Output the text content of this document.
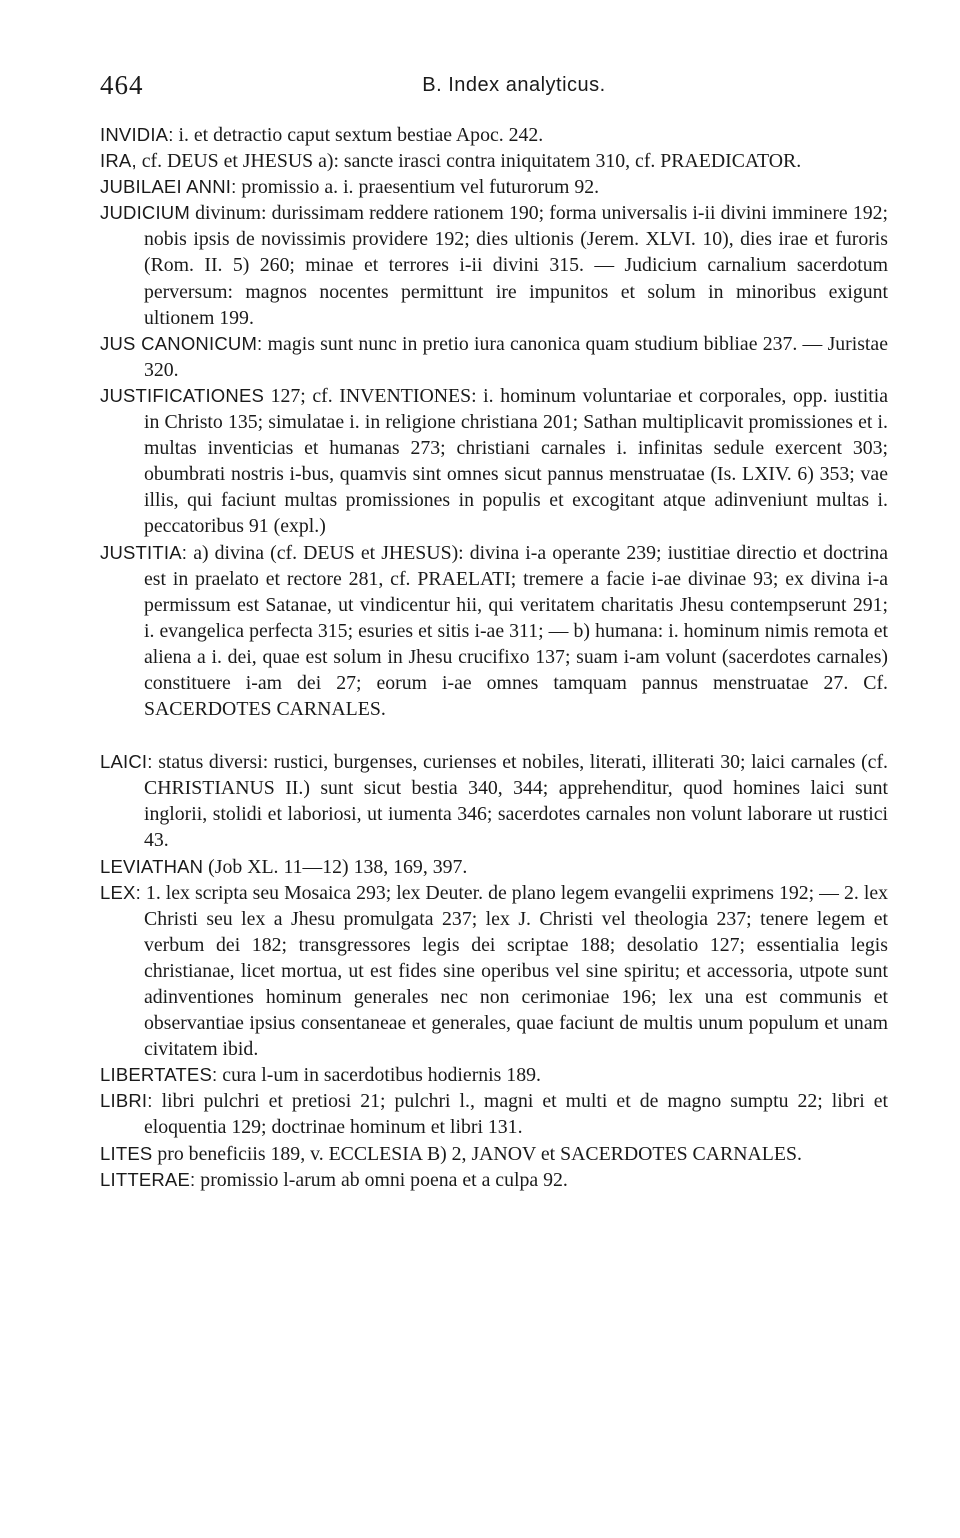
464	B. Index analyticus.

INVIDIA: i. et detractio caput sextum bestiae Apoc. 242.

IRA, cf. DEUS et JHESUS a): sancte irasci contra iniquitatem 310, cf. PRAEDICATOR.

JUBILAEI ANNI: promissio a. i. praesentium vel futurorum 92.

JUDICIUM divinum: durissimam reddere rationem 190; forma universalis i-ii divini imminere 192; nobis ipsis de novissimis providere 192; dies ultionis (Jerem. XLVI. 10), dies irae et furoris (Rom. II. 5) 260; minae et terrores i-ii divini 315. — Judicium carnalium sacerdotum perversum: magnos nocentes permittunt ire impunitos et solum in minoribus exigunt ultionem 199.

JUS CANONICUM: magis sunt nunc in pretio iura canonica quam studium bibliae 237. — Juristae 320.

JUSTIFICATIONES 127; cf. INVENTIONES: i. hominum voluntariae et corporales, opp. iustitia in Christo 135; simulatae i. in religione christiana 201; Sathan multiplicavit promissiones et i. multas inventicias et humanas 273; christiani carnales i. infinitas sedule exercent 303; obumbrati nostris i-bus, quamvis sint omnes sicut pannus menstruatae (Is. LXIV. 6) 353; vae illis, qui faciunt multas promissiones in populis et excogitant atque adinveniunt multas i. peccatoribus 91 (expl.)

JUSTITIA: a) divina (cf. DEUS et JHESUS): divina i-a operante 239; iustitiae directio et doctrina est in praelato et rectore 281, cf. PRAELATI; tremere a facie i-ae divinae 93; ex divina i-a permissum est Satanae, ut vindicentur hii, qui veritatem charitatis Jhesu contempserunt 291; i. evangelica perfecta 315; esuries et sitis i-ae 311; — b) humana: i. hominum nimis remota et aliena a i. dei, quae est solum in Jhesu crucifixo 137; suam i-am volunt (sacerdotes carnales) constituere i-am dei 27; eorum i-ae omnes tamquam pannus menstruatae 27. Cf. SACERDOTES CARNALES.

LAICI: status diversi: rustici, burgenses, curienses et nobiles, literati, illiterati 30; laici carnales (cf. CHRISTIANUS II.) sunt sicut bestia 340, 344; apprehenditur, quod homines laici sunt inglorii, stolidi et laboriosi, ut iumenta 346; sacerdotes carnales non volunt laborare ut rustici 43.

LEVIATHAN (Job XL. 11—12) 138, 169, 397.

LEX: 1. lex scripta seu Mosaica 293; lex Deuter. de plano legem evangelii exprimens 192; — 2. lex Christi seu lex a Jhesu promulgata 237; lex J. Christi vel theologia 237; tenere legem et verbum dei 182; transgressores legis dei scriptae 188; desolatio 127; essentialia legis christianae, licet mortua, ut est fides sine operibus vel sine spiritu; et accessoria, utpote sunt adinventiones hominum generales nec non cerimoniae 196; lex una est communis et observantiae ipsius consentaneae et generales, quae faciunt de multis unum populum et unam civitatem ibid.

LIBERTATES: cura l-um in sacerdotibus hodiernis 189.

LIBRI: libri pulchri et pretiosi 21; pulchri l., magni et multi et de magno sumptu 22; libri et eloquentia 129; doctrinae hominum et libri 131.

LITES pro beneficiis 189, v. ECCLESIA B) 2, JANOV et SACERDOTES CARNALES.

LITTERAE: promissio l-arum ab omni poena et a culpa 92.
